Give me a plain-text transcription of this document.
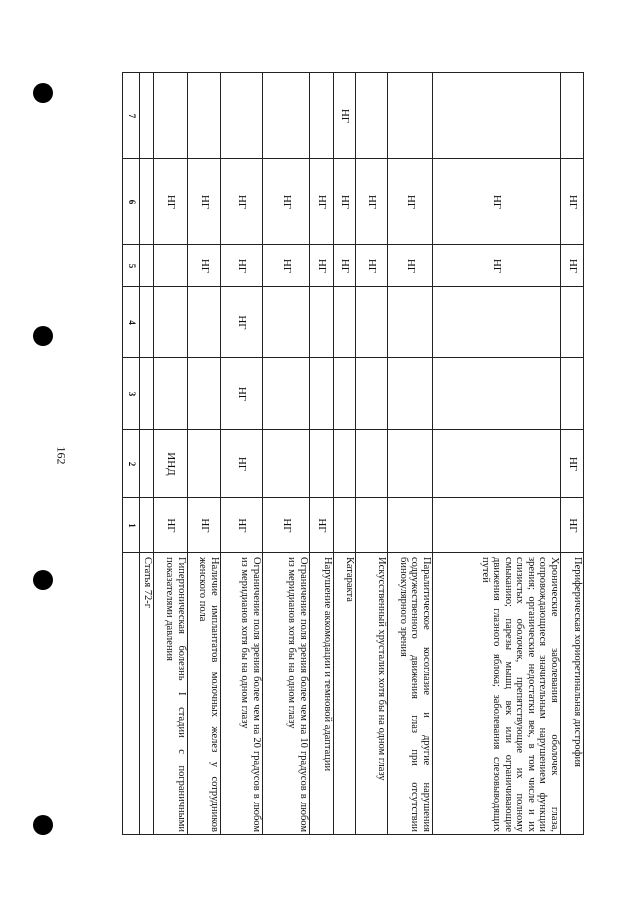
162
7
6
5
4
3
2
1
Статья 72-г
НГ
ИНД
НГ
Гипертоническая болезнь I стадии с пограничными показателями давления
НГ
НГ
НГ
Наличие имплантатов молочных желез у сотрудников женского пола
НГ
НГ
НГ
НГ
НГ
НГ
Ограничение поля зрения более чем на 20 градусов в любом из меридианов хотя бы на одном глазу
НГ
НГ
НГ
Ограничение поля зрения более чем на 10 градусов в любом из меридианов хотя бы на одном глазу
НГ
НГ
НГ
Нарушение аккомодации и темновой адаптации
НГ
НГ
НГ
Катаракта
НГ
НГ
Искусственный хрусталик хотя бы на одном глазу
НГ
НГ
Паралитическое косоглазие и другие нарушения содружественного движения глаз при отсутствии бинокулярного зрения
НГ
НГ
Хронические заболевания оболочек глаза, сопровождающиеся значительным нарушением функции зрения; органические недостатки век, в том числе и их слизистых оболочек, препятствующие их полному смыканию; парезы мышц век или ограничивающие движения глазного яблока; заболевания слезовыводящих путей
НГ
НГ
НГ
НГ
Периферическая хориоретинальная дистрофия
